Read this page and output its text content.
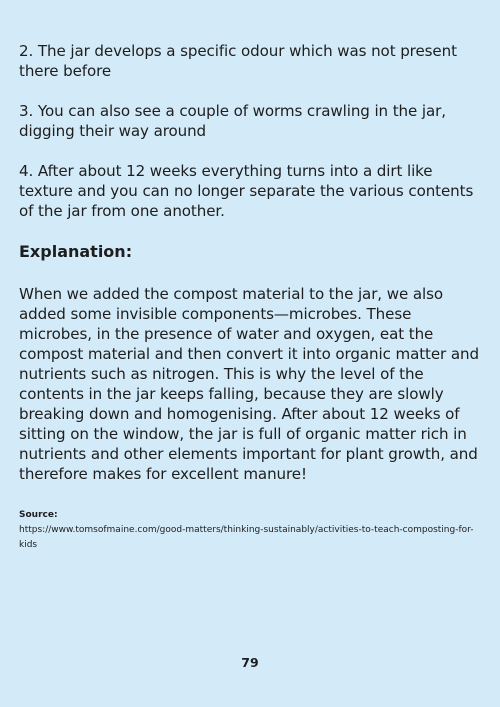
2. The jar develops a specific odour which was not present there before

3. You can also see a couple of worms crawling in the jar, digging their way around

4. After about 12 weeks everything turns into a dirt like texture and you can no longer separate the various contents of the jar from one another.

Explanation:

When we added the compost material to the jar, we also added some invisible components—microbes. These microbes, in the presence of water and oxygen, eat the compost material and then convert it into organic matter and nutrients such as nitrogen. This is why the level of the contents in the jar keeps falling, because they are slowly breaking down and homogenising. After about 12 weeks of sitting on the window, the jar is full of organic matter rich in nutrients and other elements important for plant growth, and therefore makes for excellent manure!

Source:
https://www.tomsofmaine.com/good-matters/thinking-sustainably/activities-to-teach-composting-for-kids
79
